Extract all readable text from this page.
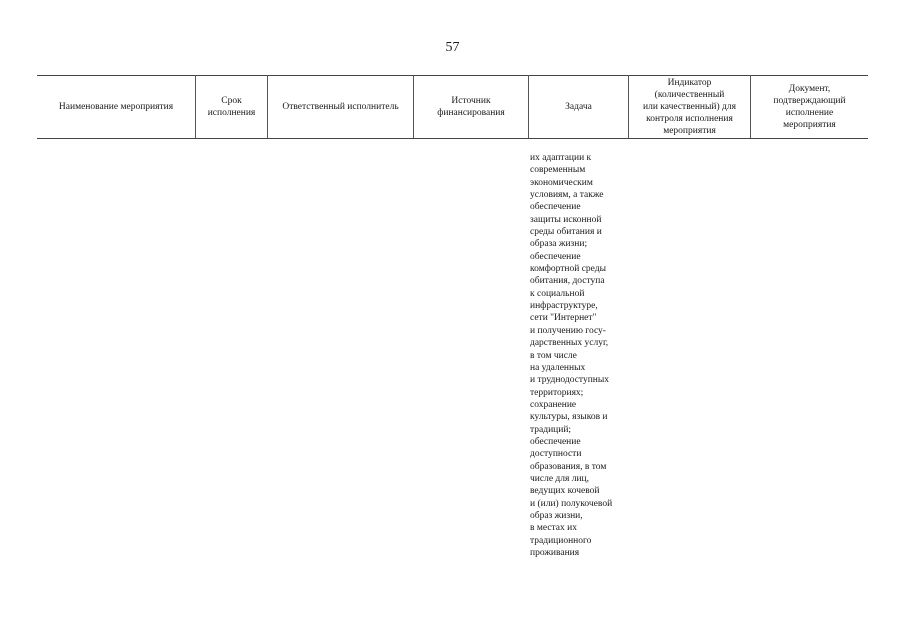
57
Наименование мероприятия
Срок
исполнения
Ответственный исполнитель
Источник
финансирования
Задача
Индикатор
(количественный
или качественный) для
контроля исполнения
мероприятия
Документ,
подтверждающий
исполнение
мероприятия
их адаптации к
современным
экономическим
условиям, а также
обеспечение
защиты исконной
среды обитания и
образа жизни;
обеспечение
комфортной среды
обитания, доступа
к социальной
инфраструктуре,
сети "Интернет"
и получению госу-
дарственных услуг,
в том числе
на удаленных
и труднодоступных
территориях;
сохранение
культуры, языков и
традиций;
обеспечение
доступности
образования, в том
числе для лиц,
ведущих кочевой
и (или) полукочевой
образ жизни,
в местах их
традиционного
проживания
